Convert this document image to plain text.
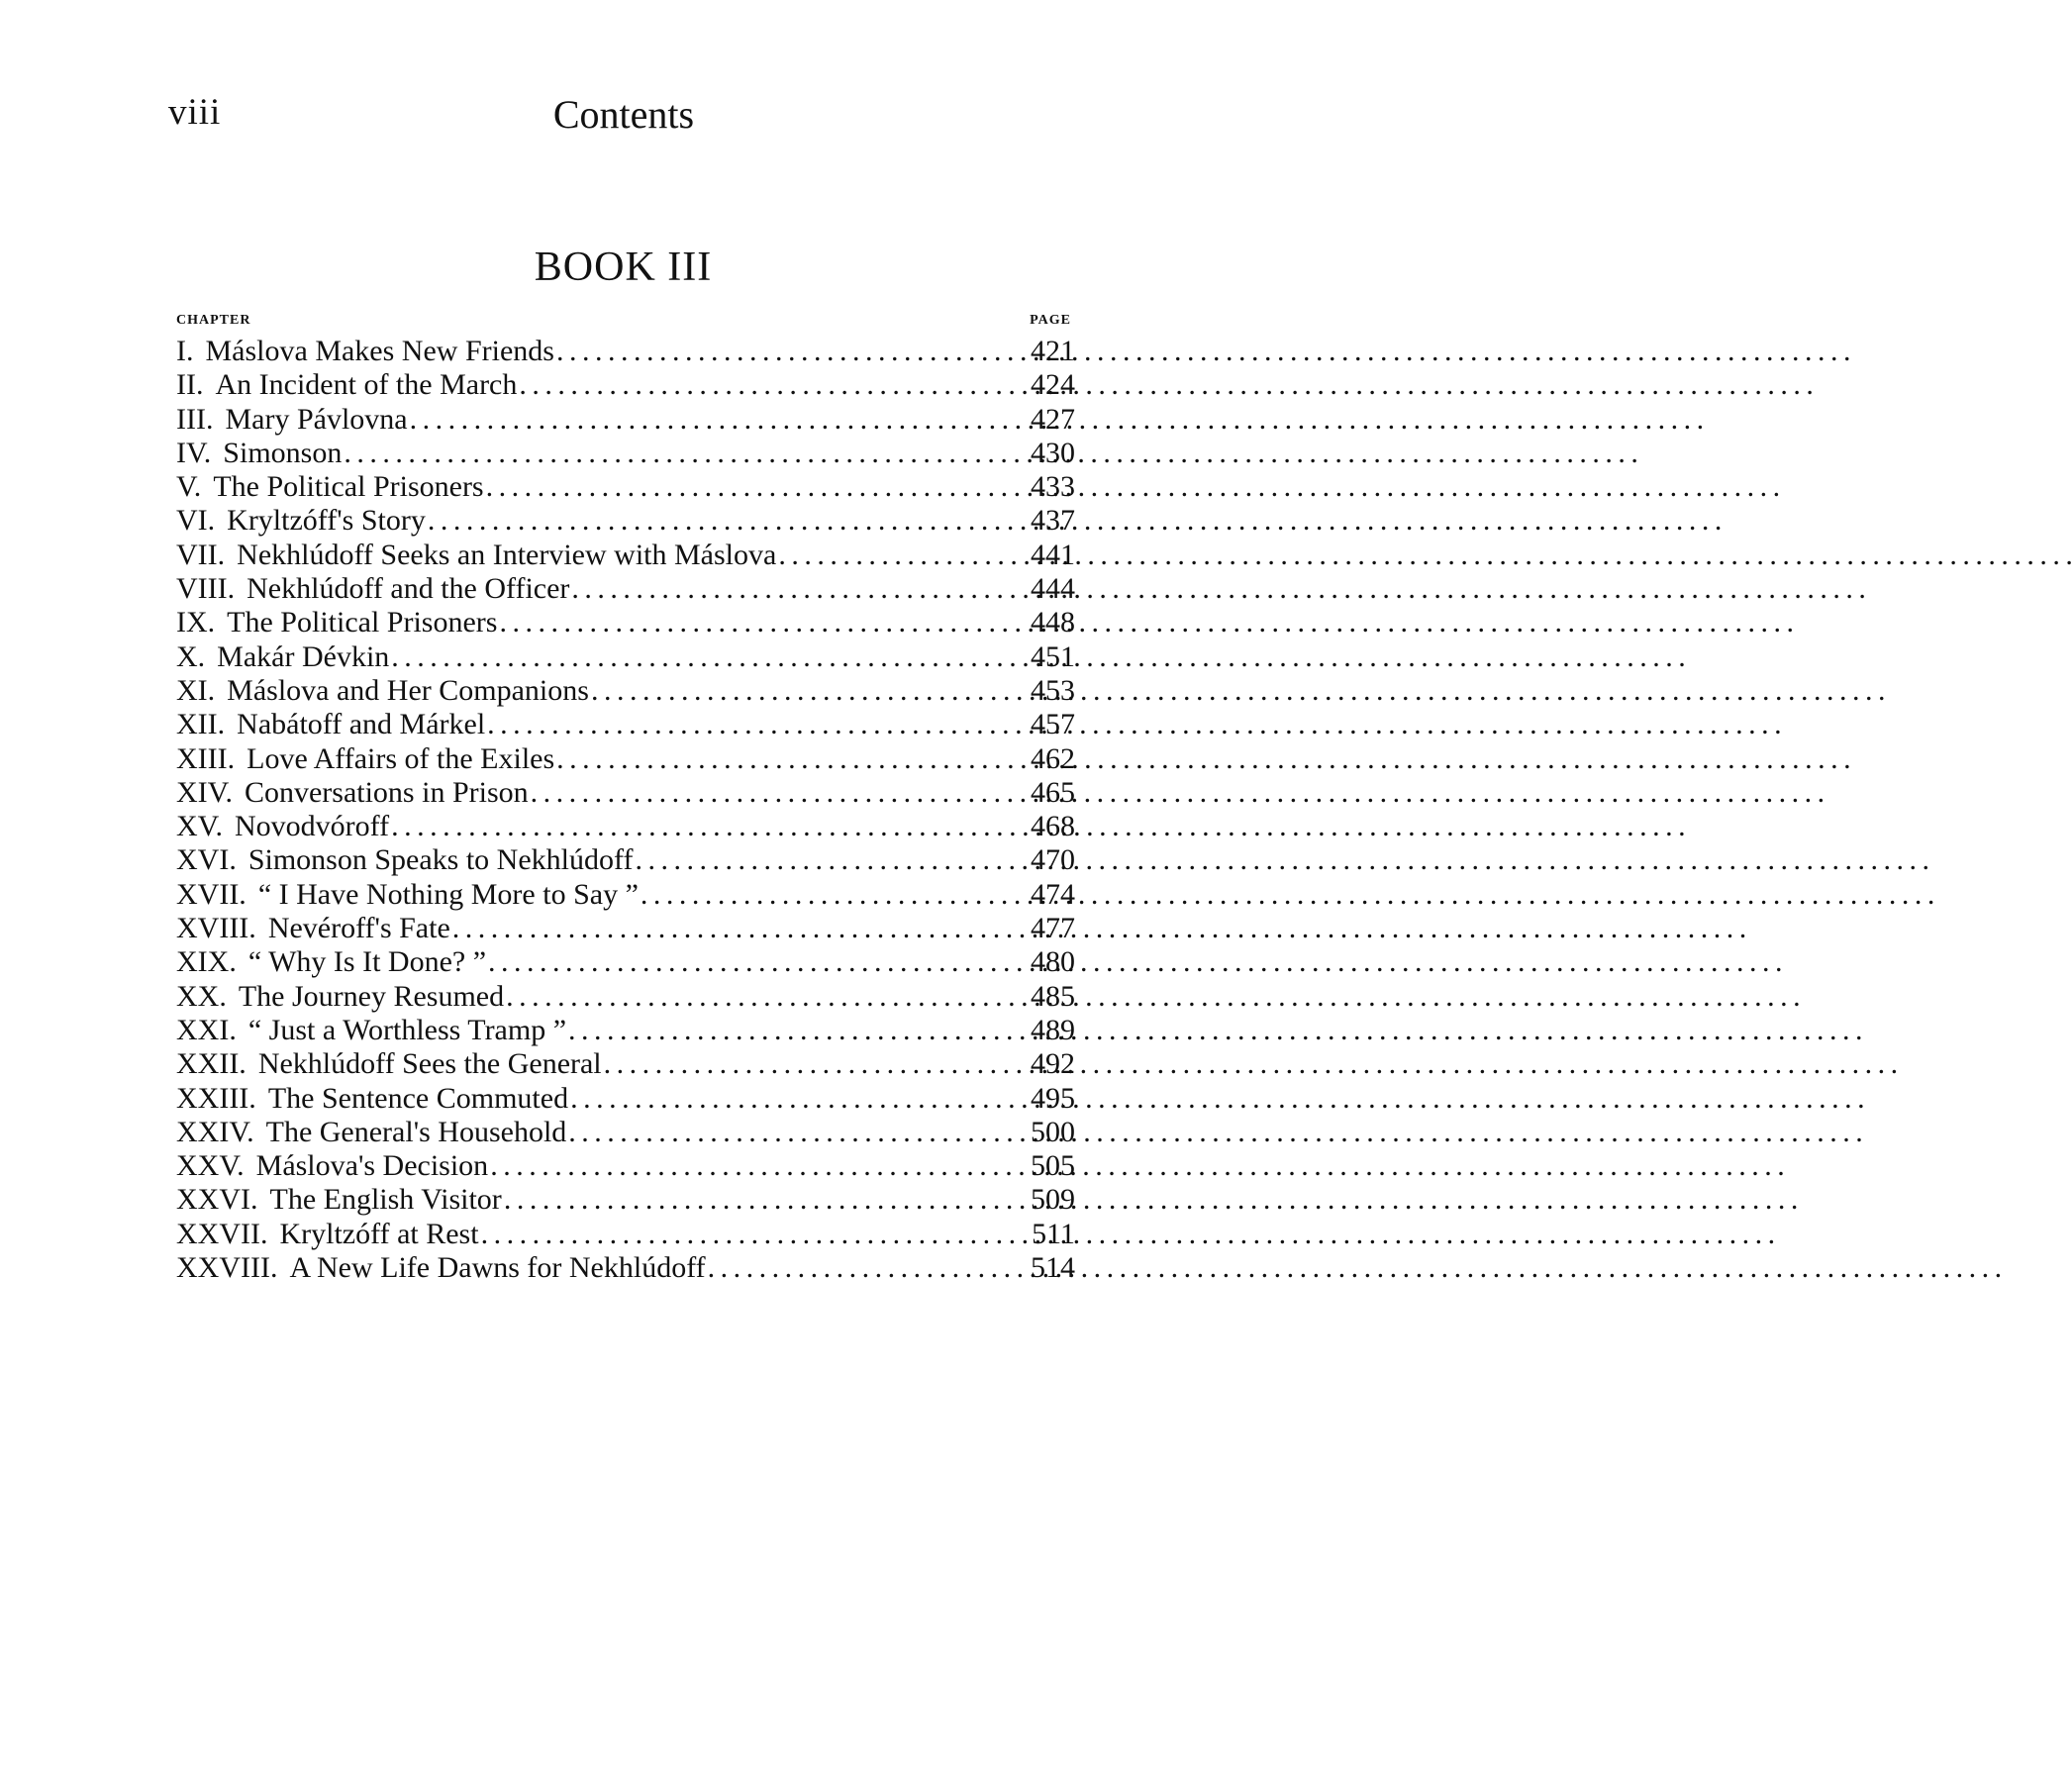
viii	Contents
BOOK III
CHAPTER	PAGE
I. Máslova Makes New Friends . . .	421
II. An Incident of the March . . .	424
III. Mary Pávlovna . . .	427
IV. Simonson . . .	430
V. The Political Prisoners . . .	433
VI. Kryltzóff's Story . . .	437
VII. Nekhlúdoff Seeks an Interview with Máslova . . .	441
VIII. Nekhlúdoff and the Officer . . .	444
IX. The Political Prisoners . . .	448
X. Makár Dévkin . . .	451
XI. Máslova and Her Companions . . .	453
XII. Nabátoff and Márkel . . .	457
XIII. Love Affairs of the Exiles . . .	462
XIV. Conversations in Prison . . .	465
XV. Novodvóroff . . .	468
XVI. Simonson Speaks to Nekhlúdoff . . .	470
XVII. “ I Have Nothing More to Say ” . . .	474
XVIII. Nevéroff's Fate . . .	477
XIX. “ Why Is It Done? ” . . .	480
XX. The Journey Resumed . . .	485
XXI. “ Just a Worthless Tramp ” . . .	489
XXII. Nekhlúdoff Sees the General . . .	492
XXIII. The Sentence Commuted . . .	495
XXIV. The General's Household . . .	500
XXV. Máslova's Decision . . .	505
XXVI. The English Visitor . . .	509
XXVII. Kryltzóff at Rest . . .	511
XXVIII. A New Life Dawns for Nekhlúdoff . . .	514
